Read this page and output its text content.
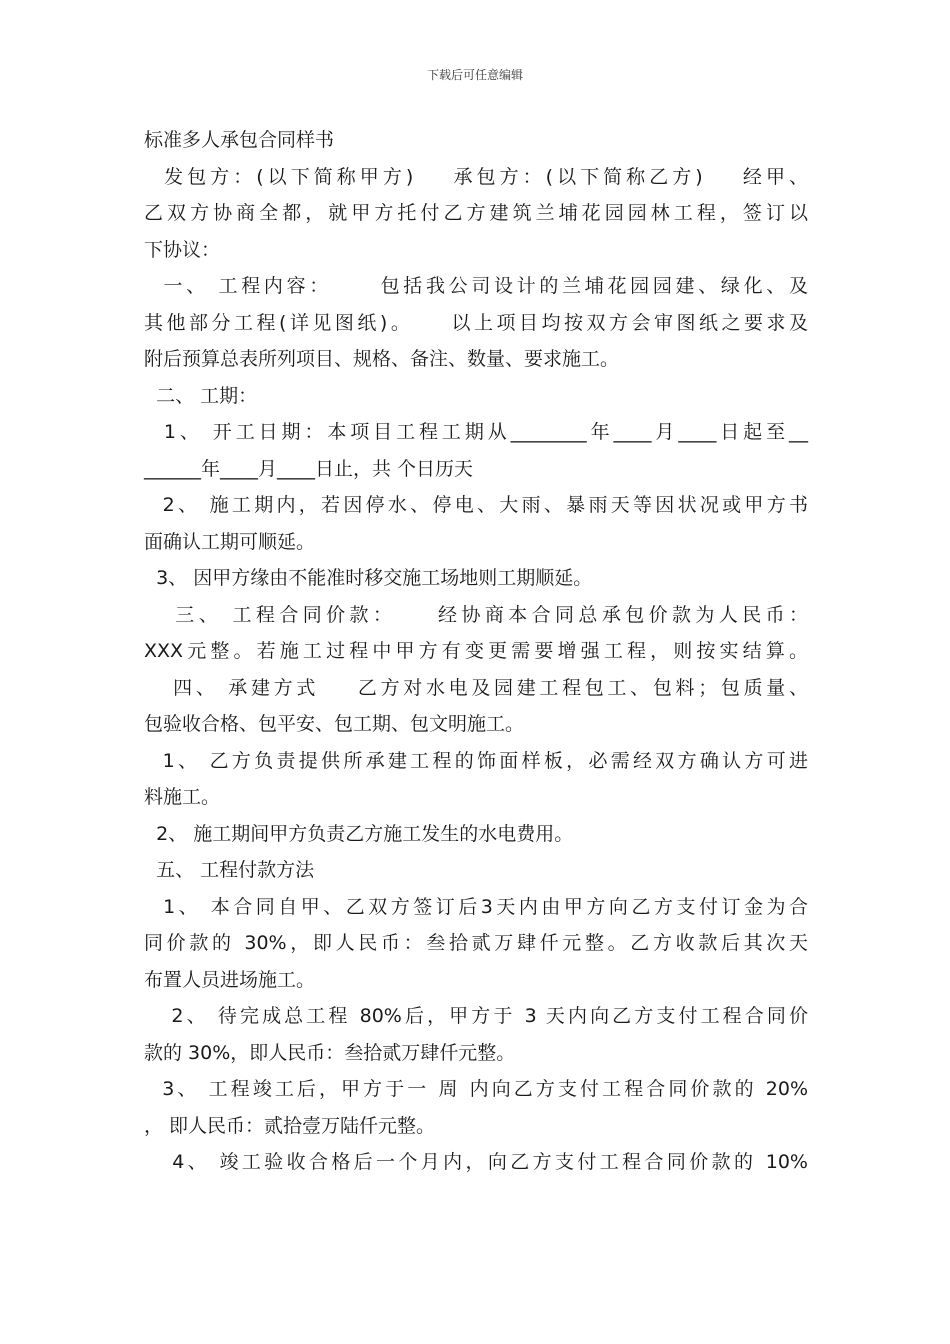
下载后可任意编辑
标准多人承包合同样书
发包方：(以下简称甲方)    承包方：(以下简称乙方)    经甲、
乙双方协商全都，就甲方托付乙方建筑兰埔花园园林工程，签订以
下协议：
一、 工程内容：     包括我公司设计的兰埔花园园建、绿化、及
其他部分工程(详见图纸)。    以上项目均按双方会审图纸之要求及
附后预算总表所列项目、规格、备注、数量、要求施工。
二、 工期：
1、 开工日期：本项目工程工期从________年____月____日起至__
______年____月____日止，共 个日历天
2、 施工期内，若因停水、停电、大雨、暴雨天等因状况或甲方书
面确认工期可顺延。
3、 因甲方缘由不能准时移交施工场地则工期顺延。
三、 工程合同价款：    经协商本合同总承包价款为人民币：
XXX元整。若施工过程中甲方有变更需要增强工程，则按实结算。
四、 承建方式    乙方对水电及园建工程包工、包料；包质量、
包验收合格、包平安、包工期、包文明施工。
1、 乙方负责提供所承建工程的饰面样板，必需经双方确认方可进
料施工。
2、 施工期间甲方负责乙方施工发生的水电费用。
五、 工程付款方法
1、 本合同自甲、乙双方签订后3天内由甲方向乙方支付订金为合
同价款的 30%，即人民币：叁拾贰万肆仟元整。乙方收款后其次天
布置人员进场施工。
2、 待完成总工程 80%后，甲方于 3 天内向乙方支付工程合同价
款的 30%，即人民币：叁拾贰万肆仟元整。
3、 工程竣工后，甲方于一 周 内向乙方支付工程合同价款的 20%
， 即人民币：贰拾壹万陆仟元整。
4、 竣工验收合格后一个月内，向乙方支付工程合同价款的 10%
